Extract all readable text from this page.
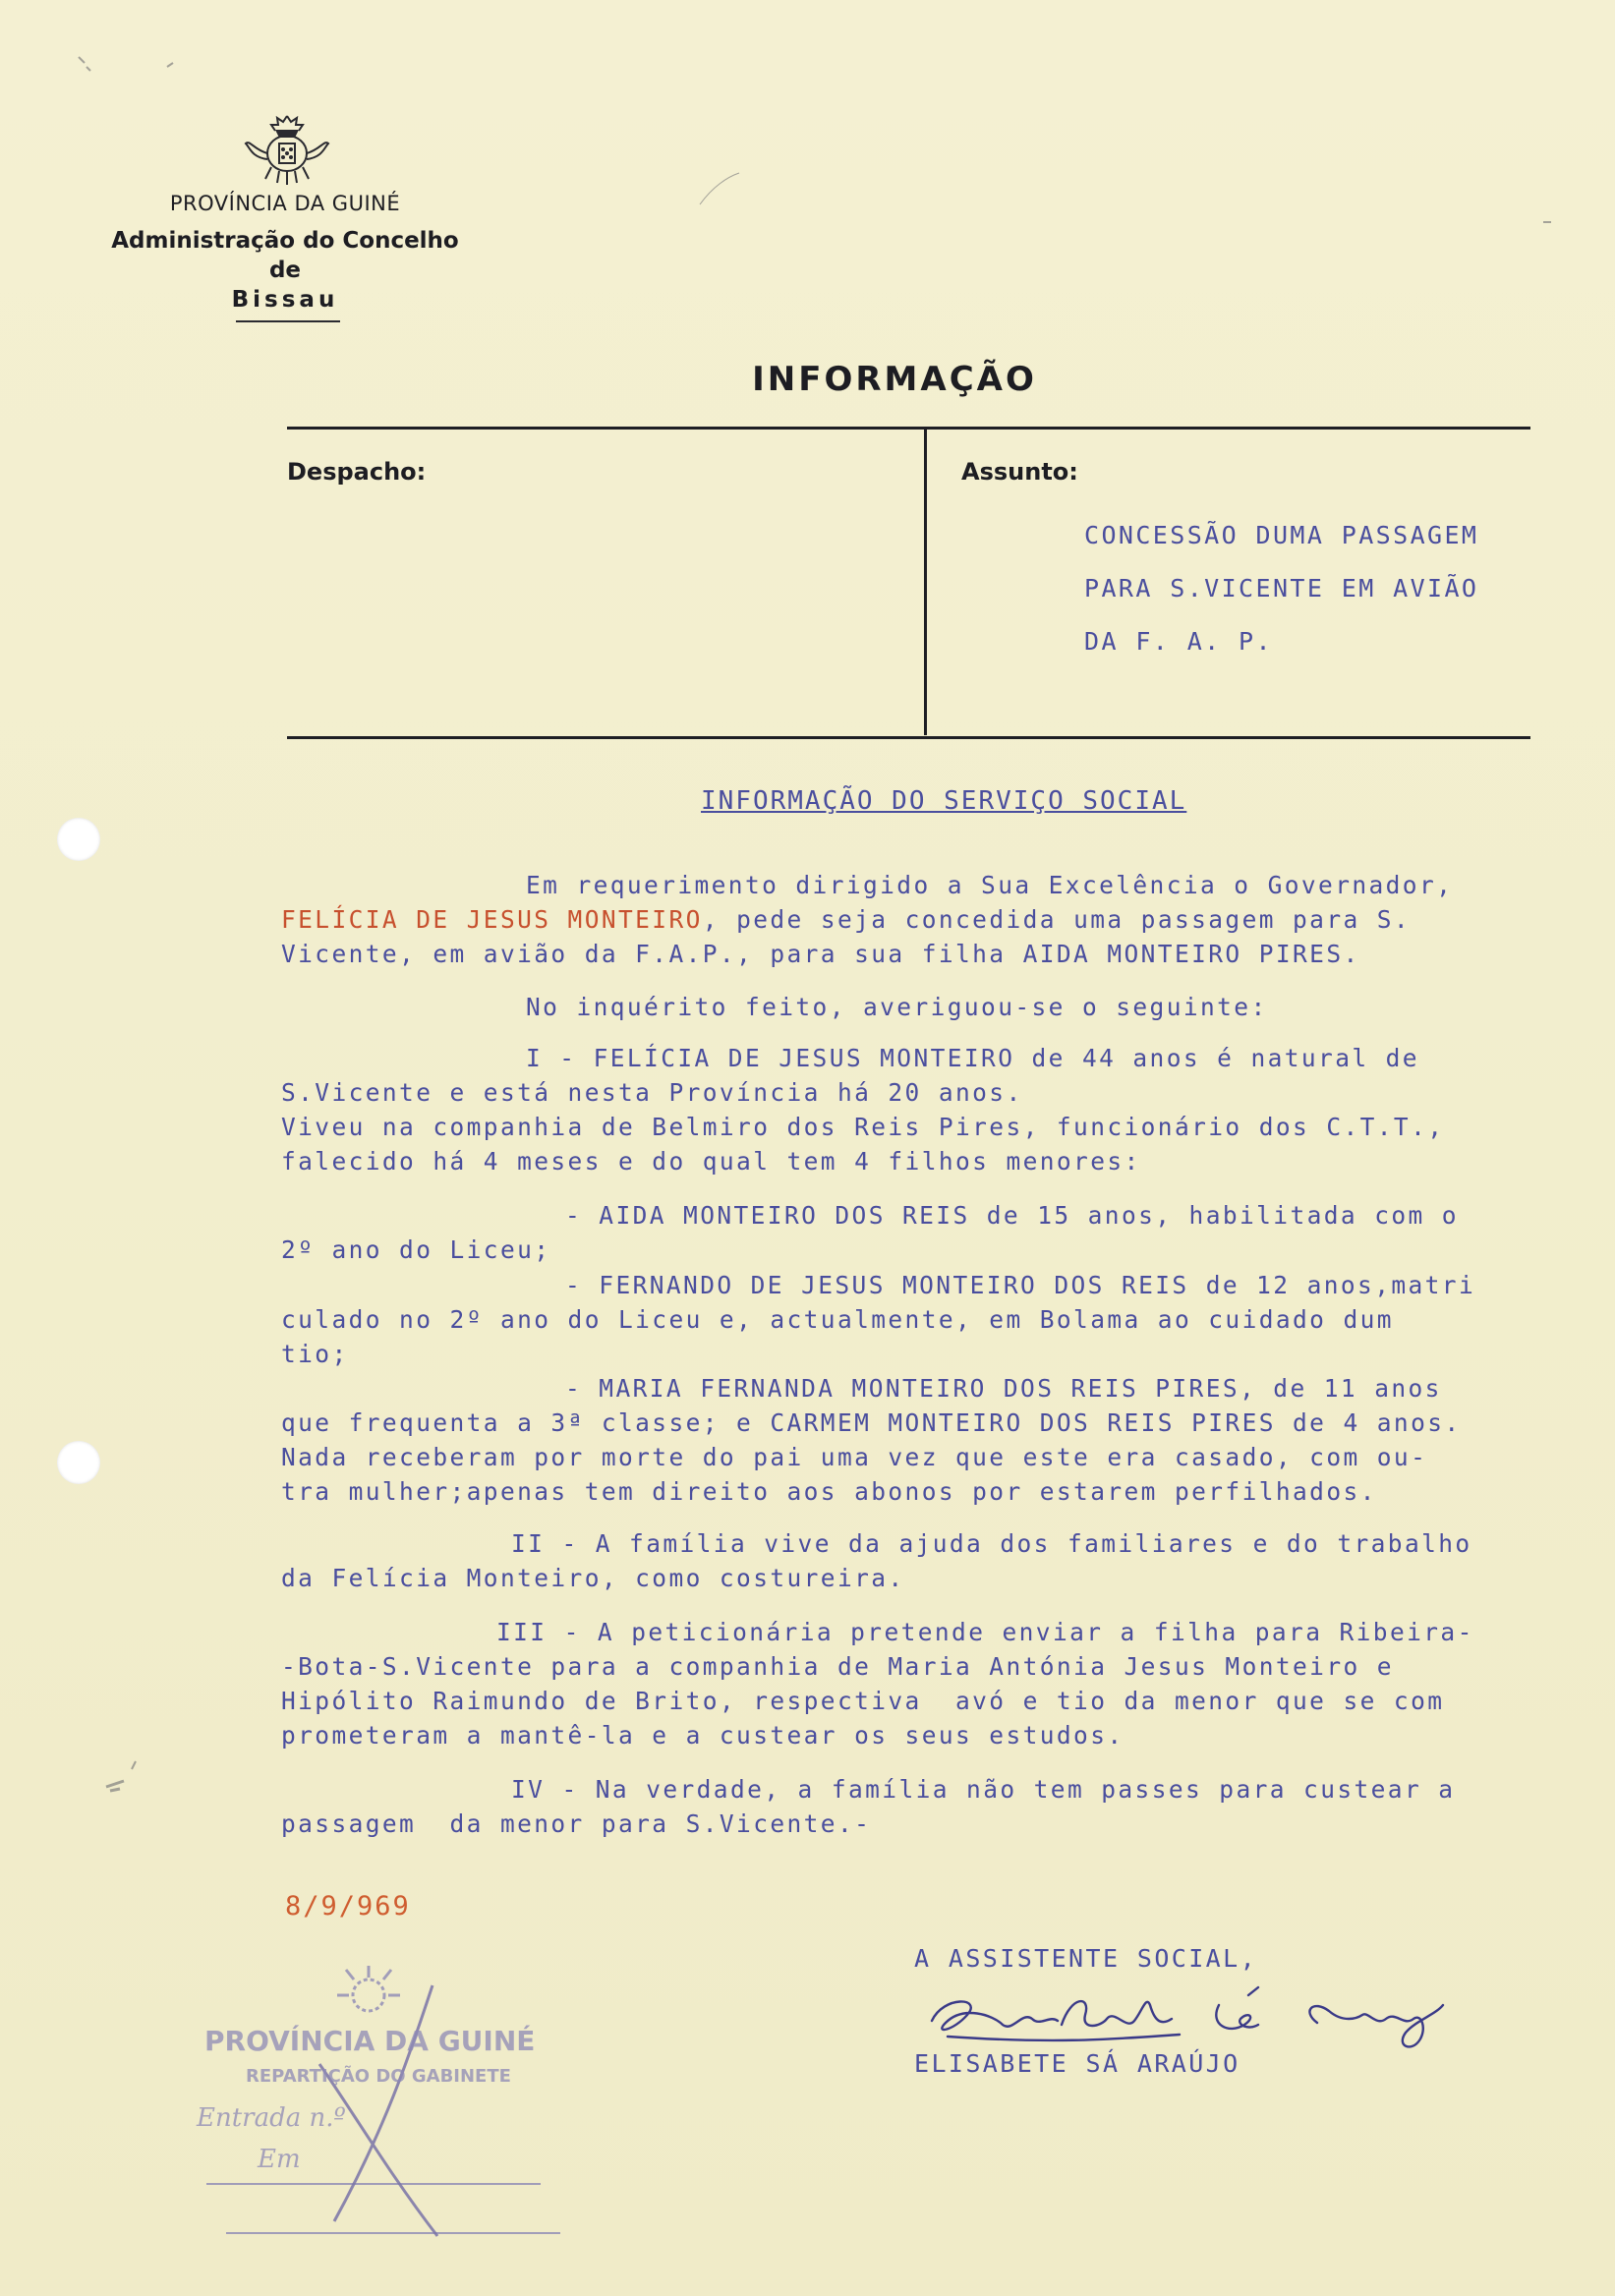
PROVÍNCIA DA GUINÉ
Administração do Concelho
de
Bissau
INFORMAÇÃO
Despacho:	Assunto:
CONCESSÃO DUMA PASSAGEM
PARA S.VICENTE EM AVIÃO
DA F. A. P.
INFORMAÇÃO DO SERVIÇO SOCIAL
Em requerimento dirigido a Sua Excelência o Governador,
FELÍCIA DE JESUS MONTEIRO, pede seja concedida uma passagem para S.
Vicente, em avião da F.A.P., para sua filha AIDA MONTEIRO PIRES.
No inquérito feito, averiguou-se o seguinte:
I - FELÍCIA DE JESUS MONTEIRO de 44 anos é natural de
S.Vicente e está nesta Província há 20 anos.
Viveu na companhia de Belmiro dos Reis Pires, funcionário dos C.T.T.,
falecido há 4 meses e do qual tem 4 filhos menores:
- AIDA MONTEIRO DOS REIS de 15 anos, habilitada com o
2º ano do Liceu;
- FERNANDO DE JESUS MONTEIRO DOS REIS de 12 anos,matri
culado no 2º ano do Liceu e, actualmente, em Bolama ao cuidado dum
tio;
- MARIA FERNANDA MONTEIRO DOS REIS PIRES, de 11 anos
que frequenta a 3ª classe; e CARMEM MONTEIRO DOS REIS PIRES de 4 anos.
Nada receberam por morte do pai uma vez que este era casado, com ou-
tra mulher;apenas tem direito aos abonos por estarem perfilhados.
II - A família vive da ajuda dos familiares e do trabalho
da Felícia Monteiro, como costureira.
III - A peticionária pretende enviar a filha para Ribeira-
-Bota-S.Vicente para a companhia de Maria Antónia Jesus Monteiro e
Hipólito Raimundo de Brito, respectiva  avó e tio da menor que se com
prometeram a mantê-la e a custear os seus estudos.
IV - Na verdade, a família não tem passes para custear a
passagem  da menor para S.Vicente.-
8/9/969
A ASSISTENTE SOCIAL,
ELISABETE SÁ ARAÚJO
PROVÍNCIA DA GUINÉ
REPARTIÇÃO DO GABINETE
Entrada n.º
Em
